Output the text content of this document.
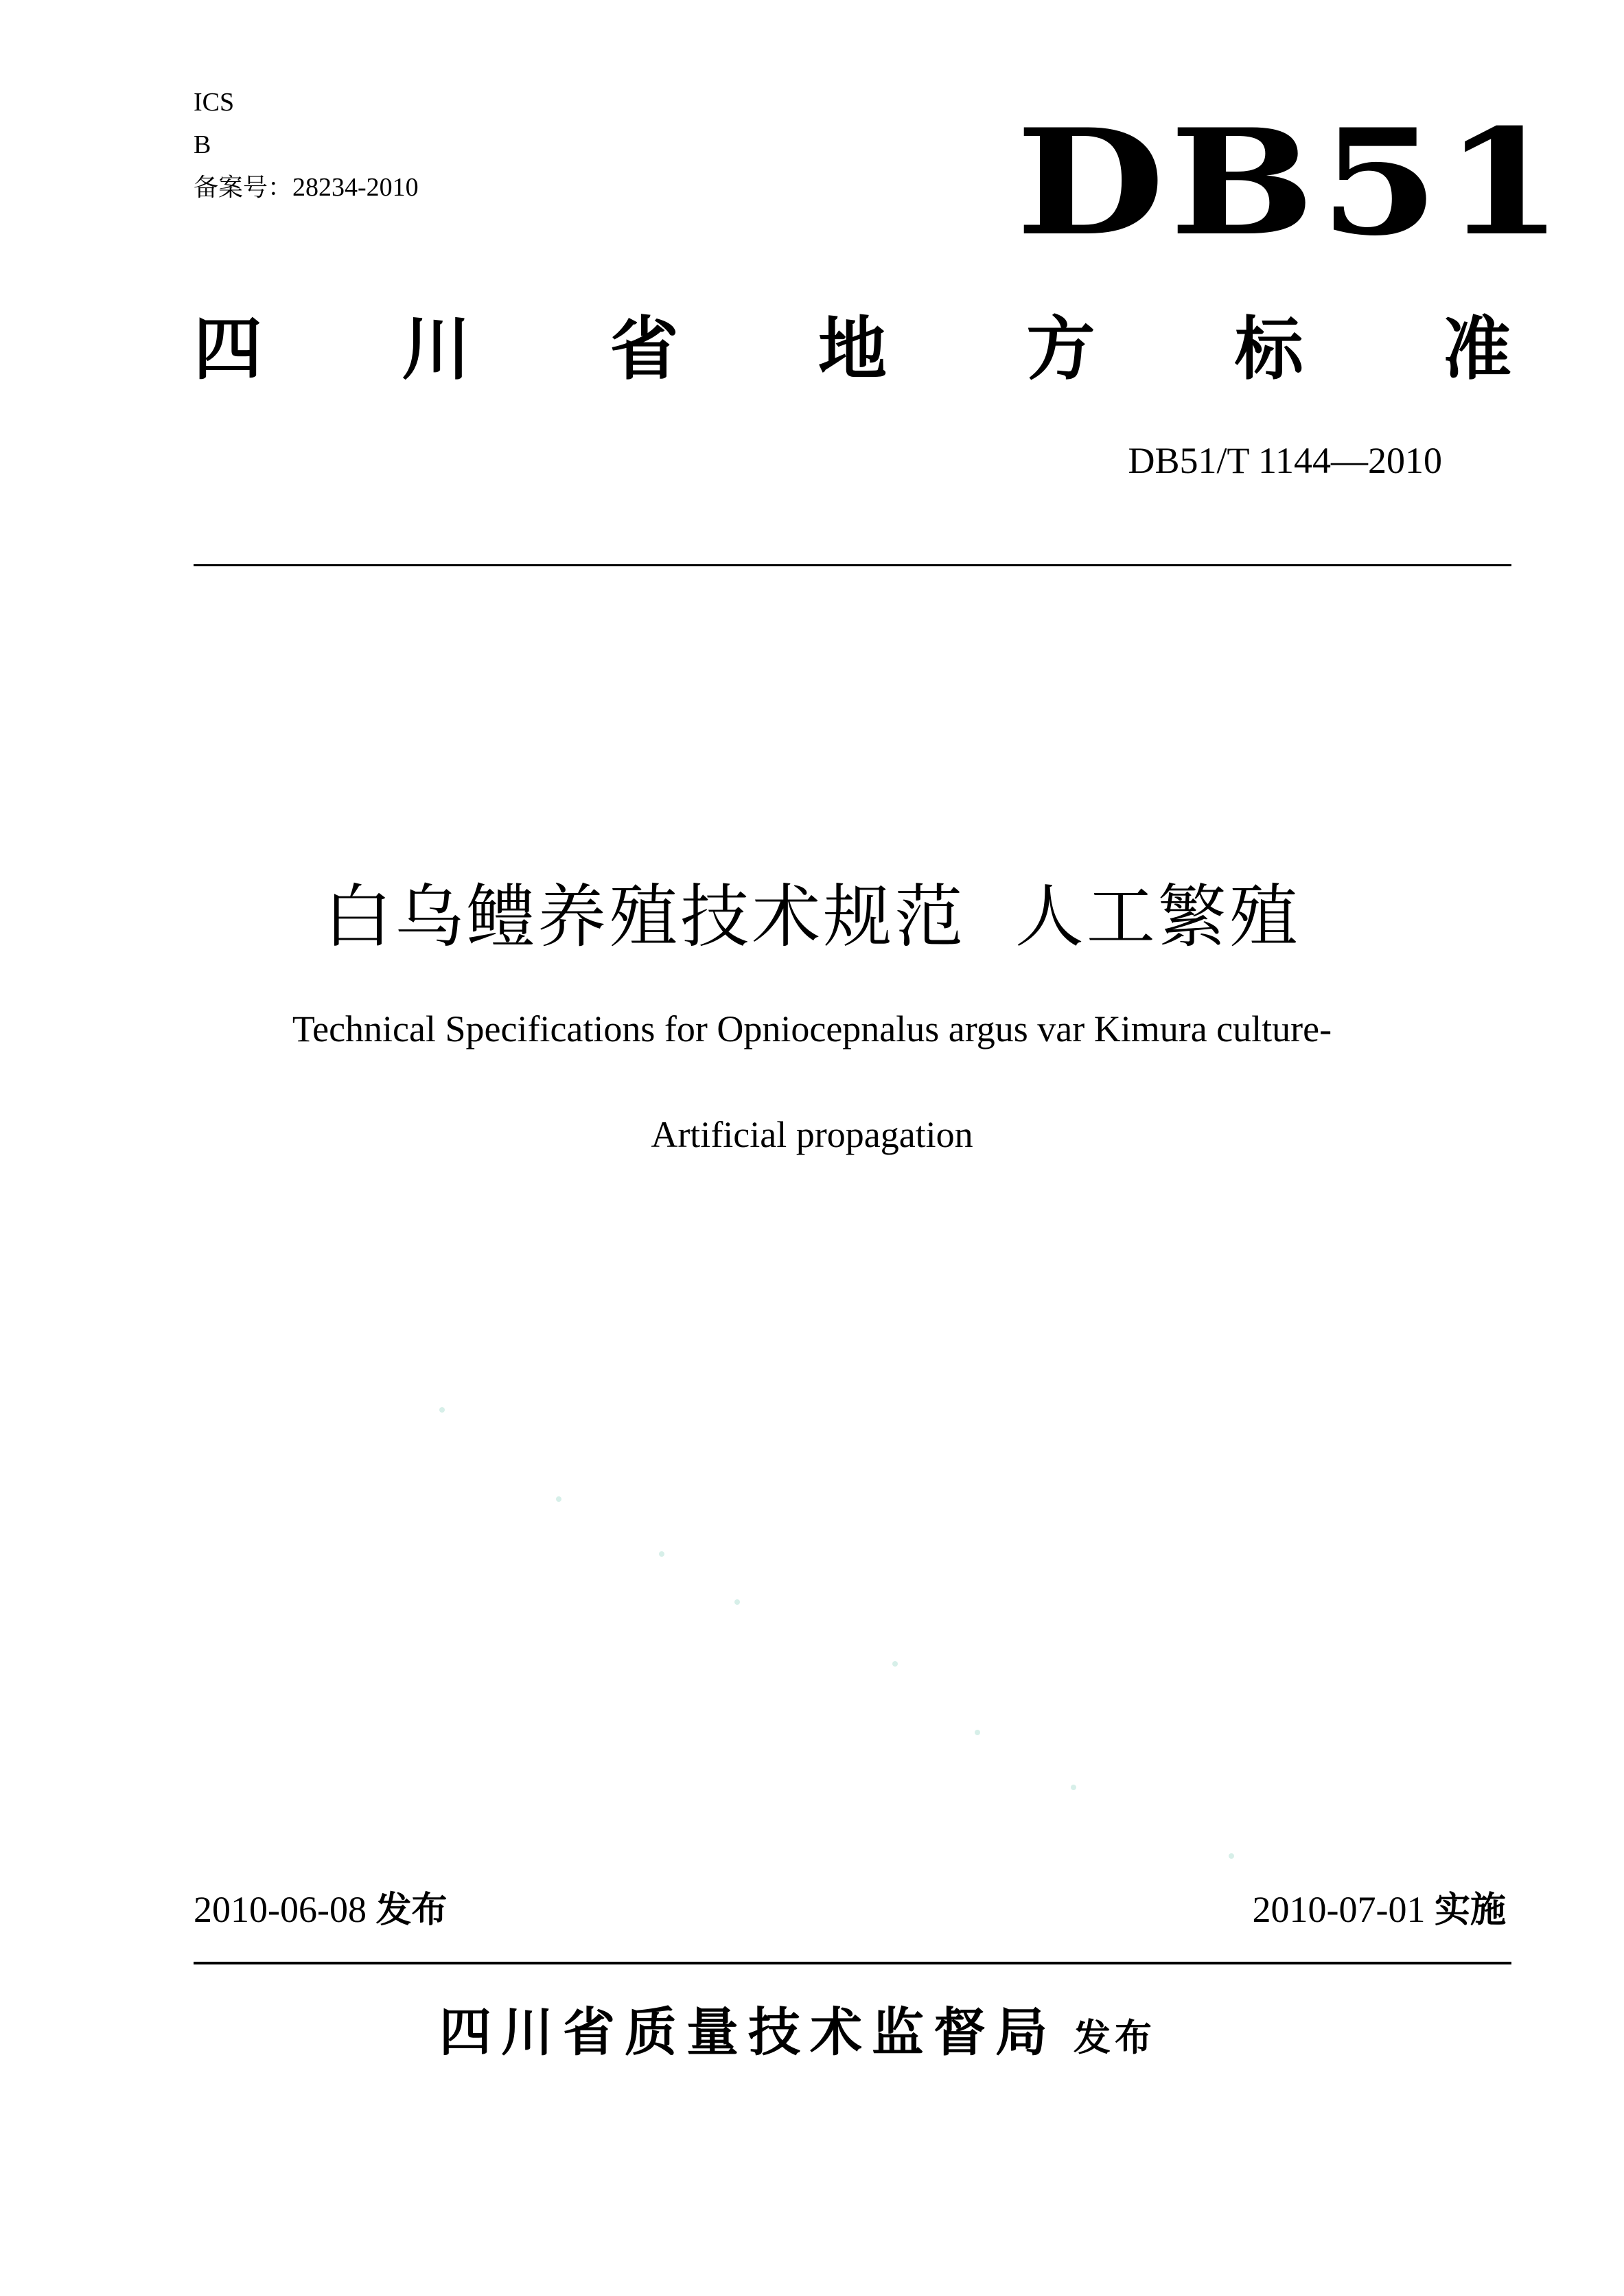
ICS
B
备案号：28234-2010	DB51
四 川 省 地 方 标 准
DB51/T 1144—2010
白乌鳢养殖技术规范  人工繁殖
Technical Specifications for Opniocepnalus argus var Kimura culture-
Artificial propagation
2010-06-08 发布	2010-07-01 实施
四川省质量技术监督局 发布
